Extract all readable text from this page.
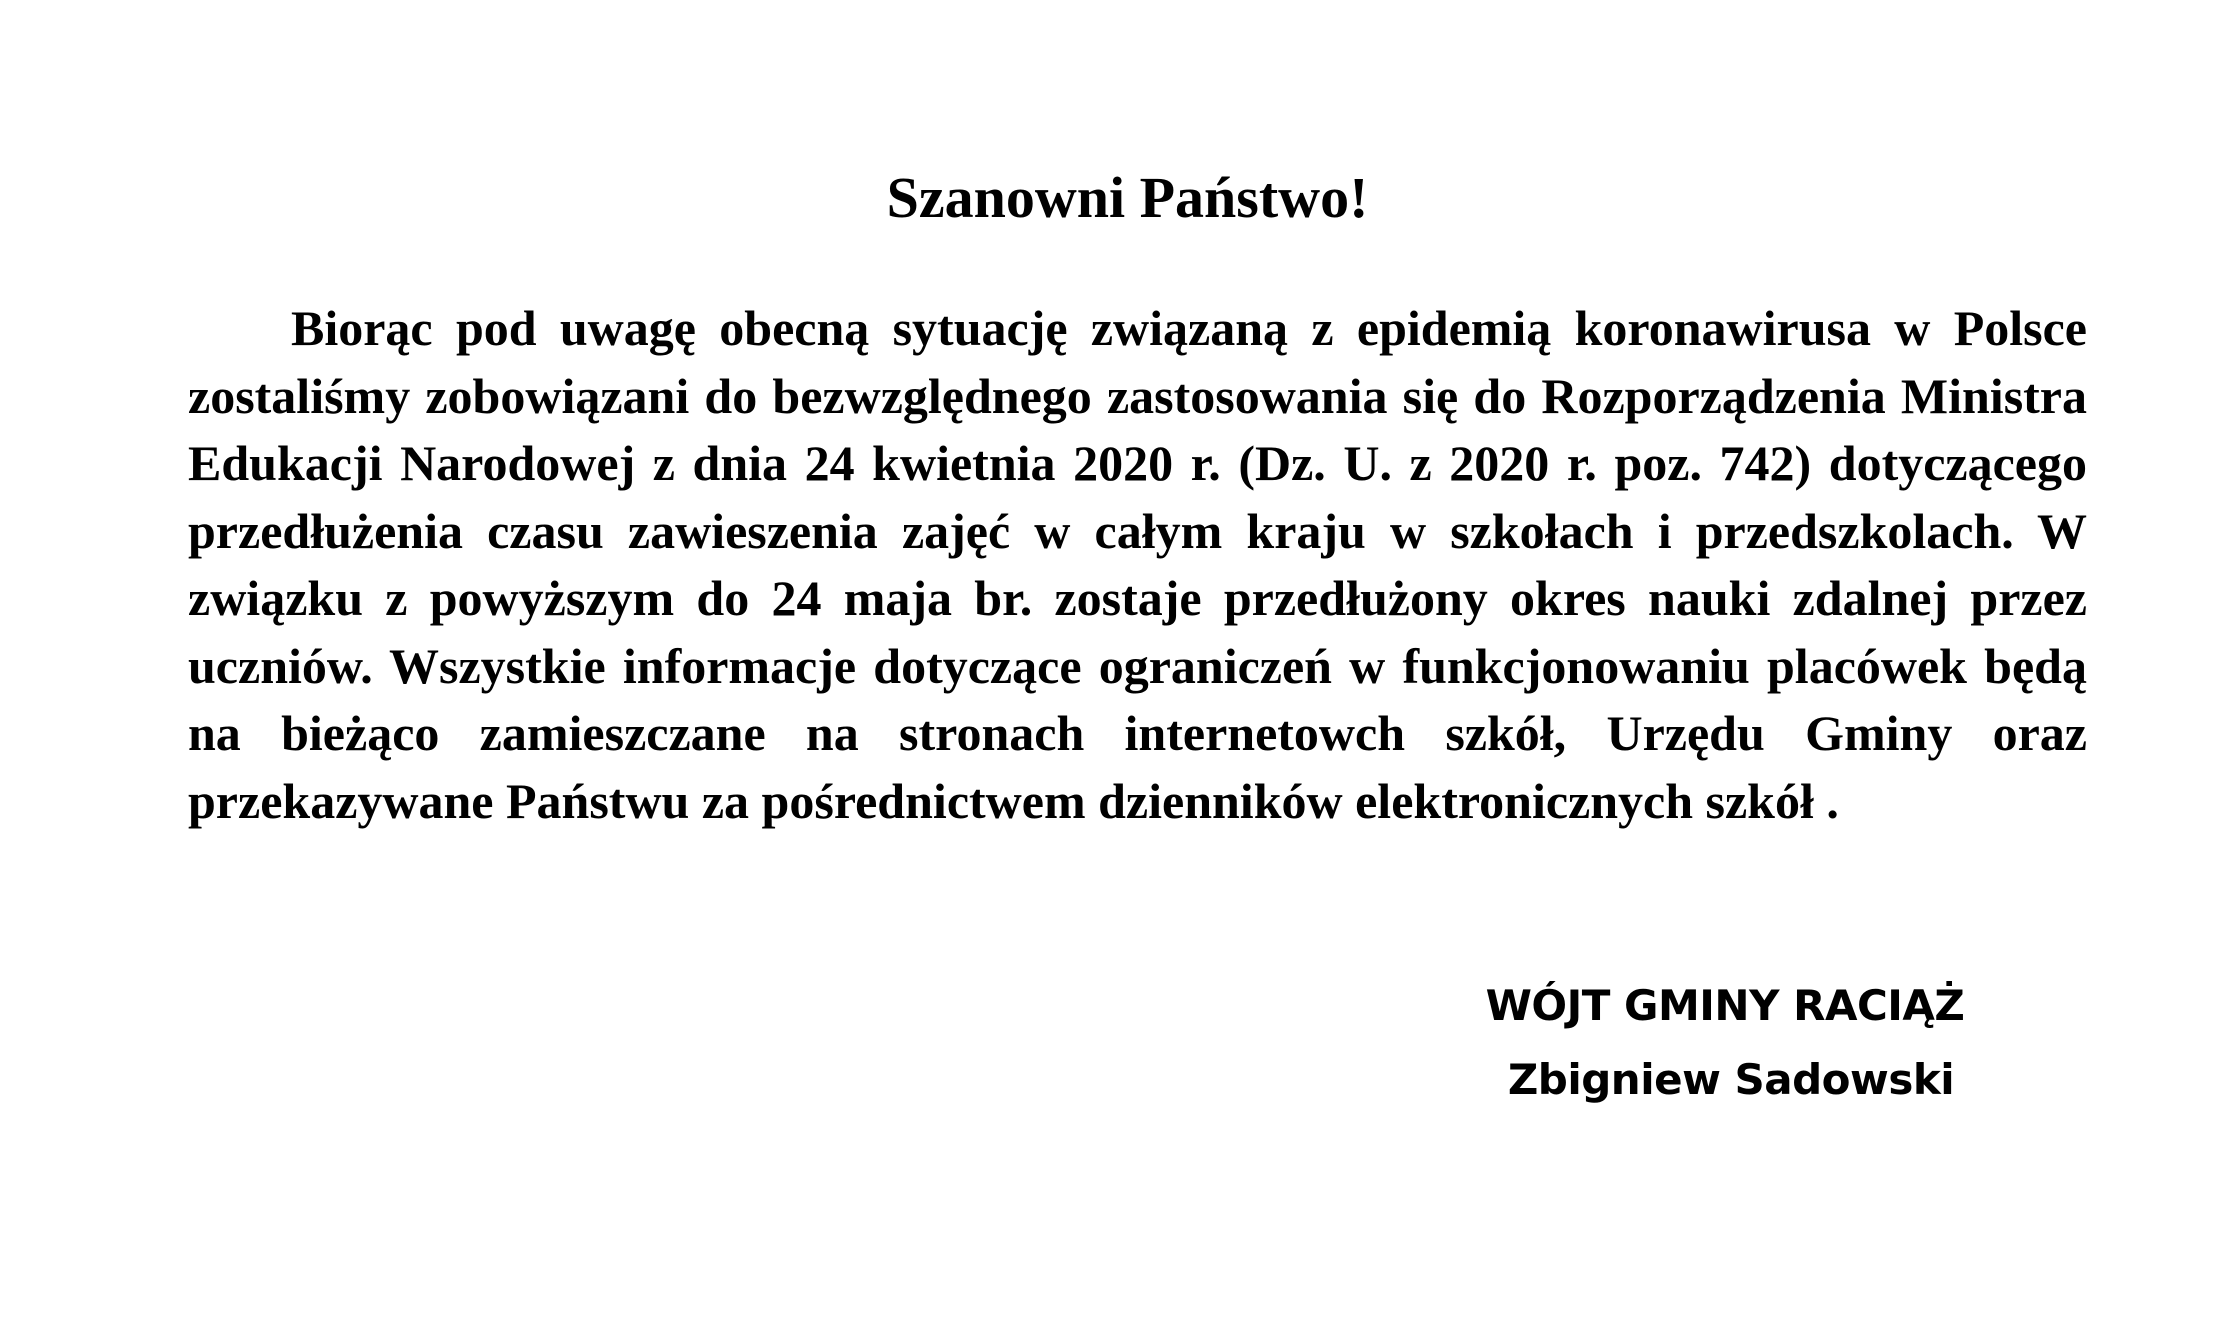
Szanowni Państwo!

Biorąc pod uwagę obecną sytuację związaną z epidemią koronawirusa w Polsce zostaliśmy zobowiązani do bezwzględnego zastosowania się do Rozporządzenia Ministra Edukacji Narodowej z dnia 24 kwietnia 2020 r. (Dz. U. z 2020 r. poz. 742) dotyczącego przedłużenia czasu zawieszenia zajęć w całym kraju w szkołach i przedszkolach. W związku z powyższym do 24 maja br. zostaje przedłużony okres nauki zdalnej przez uczniów. Wszystkie informacje dotyczące ograniczeń w funkcjonowaniu placówek będą na bieżąco zamieszczane na stronach internetowch szkół, Urzędu Gminy oraz przekazywane Państwu za pośrednictwem dzienników elektronicznych szkół .

WÓJT GMINY RACIĄŻ
Zbigniew Sadowski
